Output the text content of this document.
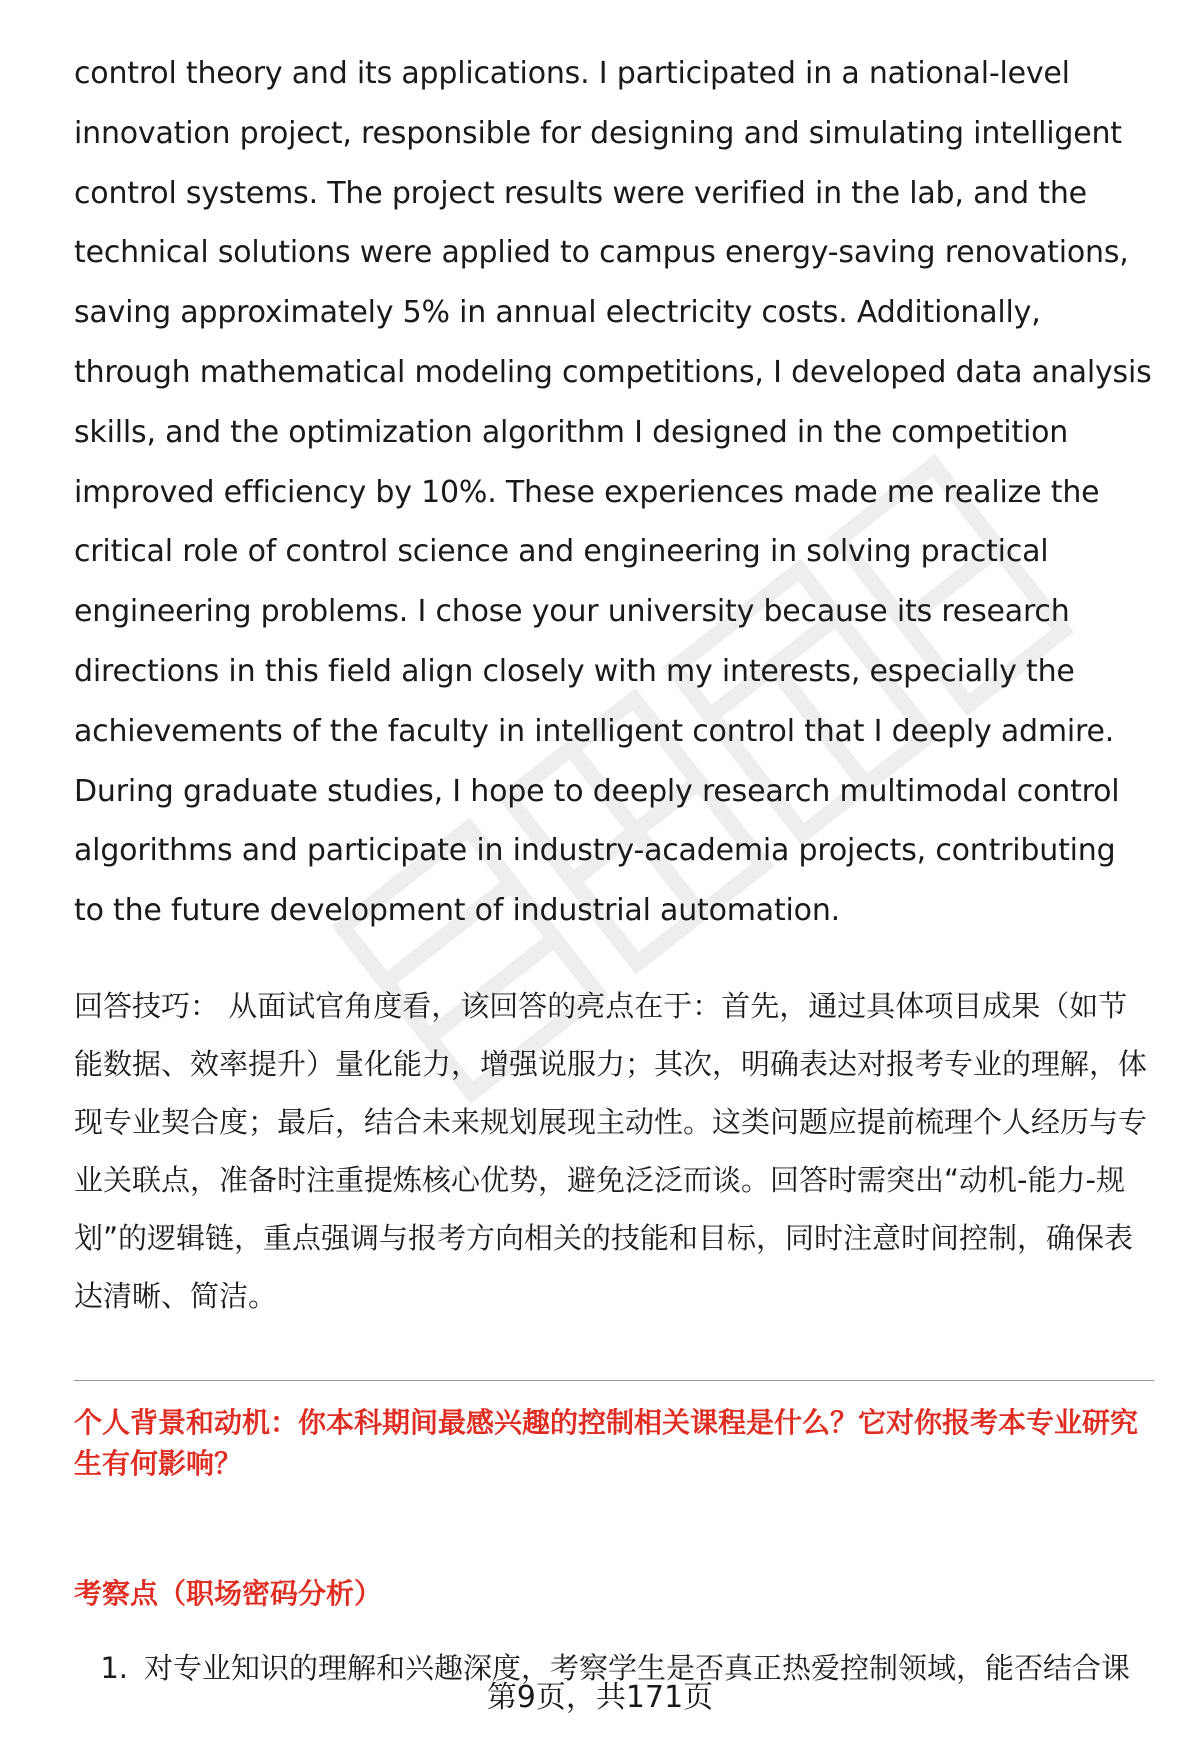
control theory and its applications. I participated in a national-level innovation project, responsible for designing and simulating intelligent control systems. The project results were verified in the lab, and the technical solutions were applied to campus energy-saving renovations, saving approximately 5% in annual electricity costs. Additionally, through mathematical modeling competitions, I developed data analysis skills, and the optimization algorithm I designed in the competition improved efficiency by 10%. These experiences made me realize the critical role of control science and engineering in solving practical engineering problems. I chose your university because its research directions in this field align closely with my interests, especially the achievements of the faculty in intelligent control that I deeply admire. During graduate studies, I hope to deeply research multimodal control algorithms and participate in industry-academia projects, contributing to the future development of industrial automation.

回答技巧： 从面试官角度看，该回答的亮点在于：首先，通过具体项目成果（如节能数据、效率提升）量化能力，增强说服力；其次，明确表达对报考专业的理解，体现专业契合度；最后，结合未来规划展现主动性。这类问题应提前梳理个人经历与专业关联点，准备时注重提炼核心优势，避免泛泛而谈。回答时需突出“动机-能力-规划”的逻辑链，重点强调与报考方向相关的技能和目标，同时注意时间控制，确保表达清晰、简洁。

个人背景和动机：你本科期间最感兴趣的控制相关课程是什么？它对你报考本专业研究生有何影响？

考察点（职场密码分析）

1. 对专业知识的理解和兴趣深度，考察学生是否真正热爱控制领域，能否结合课
第9页，共171页
